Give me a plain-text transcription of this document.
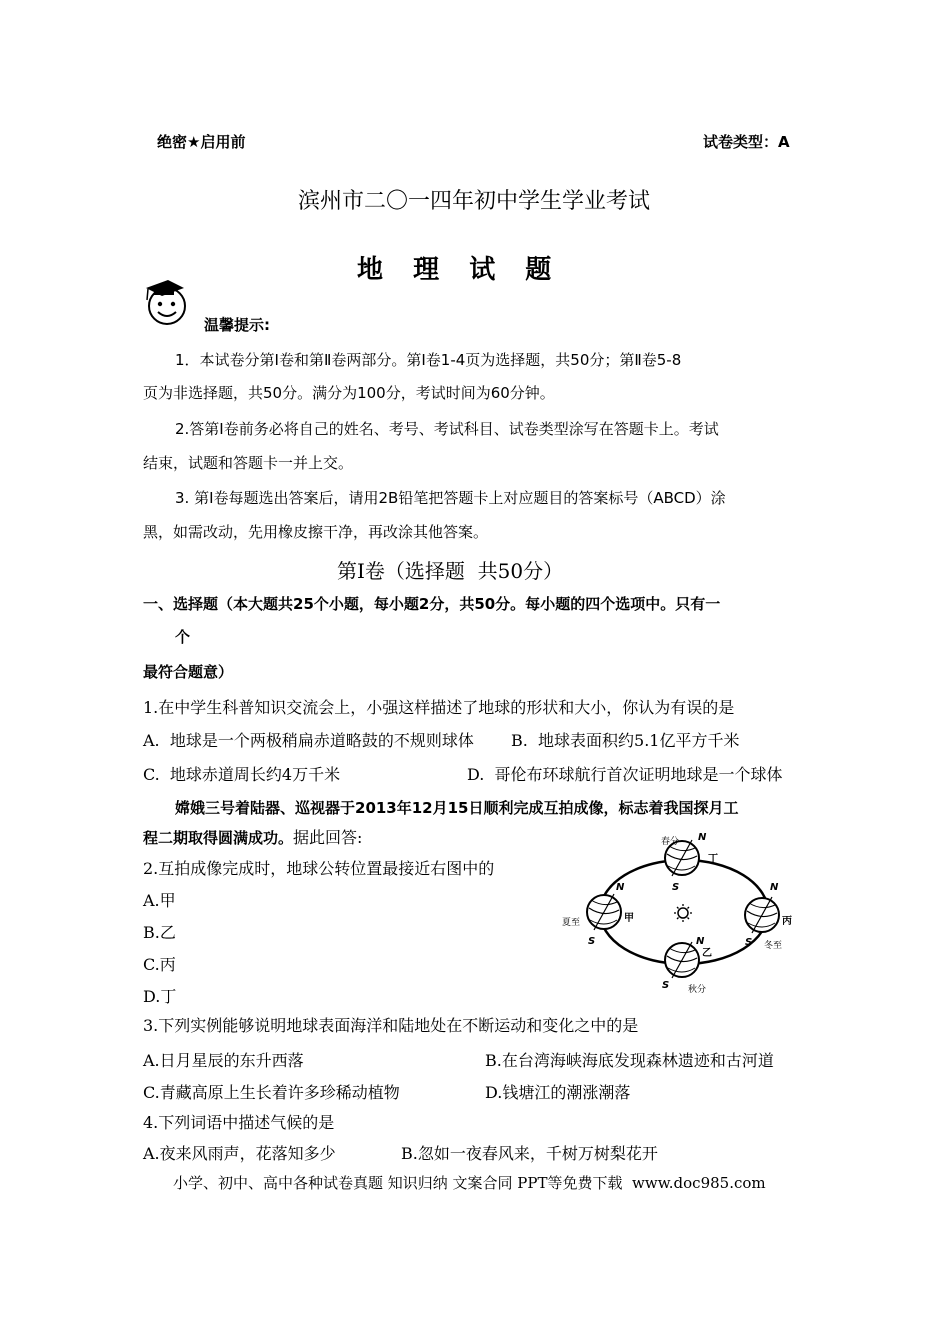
绝密★启用前	试卷类型：A
滨州市二〇一四年初中学生学业考试
地  理  试  题
温馨提示:
1．本试卷分第Ⅰ卷和第Ⅱ卷两部分。第Ⅰ卷1-4页为选择题，共50分；第Ⅱ卷5-8
页为非选择题，共50分。满分为100分，考试时间为60分钟。
2.答第Ⅰ卷前务必将自己的姓名、考号、考试科目、试卷类型涂写在答题卡上。考试
结束，试题和答题卡一并上交。
3. 第Ⅰ卷每题选出答案后，请用2B铅笔把答题卡上对应题目的答案标号（ABCD）涂
黑，如需改动，先用橡皮擦干净，再改涂其他答案。
第Ⅰ卷（选择题  共50分）
一、选择题（本大题共25个小题，每小题2分，共50分。每小题的四个选项中。只有一
个
最符合题意）
1.在中学生科普知识交流会上，小强这样描述了地球的形状和大小，你认为有误的是
A.  地球是一个两极稍扁赤道略鼓的不规则球体 B.  地球表面积约5.1亿平方千米
C.  地球赤道周长约4万千米	D.  哥伦布环球航行首次证明地球是一个球体
嫦娥三号着陆器、巡视器于2013年12月15日顺利完成互拍成像，标志着我国探月工
程二期取得圆满成功。据此回答:
2.互拍成像完成时，地球公转位置最接近右图中的
A.甲
B.乙
C.丙
D.丁
春分 N
S
丁
夏至
N
S
甲
N
S
丙
冬至
N
乙
S 秋分
3.下列实例能够说明地球表面海洋和陆地处在不断运动和变化之中的是
A.日月星辰的东升西落	B.在台湾海峡海底发现森林遗迹和古河道
C.青藏高原上生长着许多珍稀动植物	D.钱塘江的潮涨潮落
4.下列词语中描述气候的是
A.夜来风雨声，花落知多少	B.忽如一夜春风来，千树万树梨花开
小学、初中、高中各种试卷真题 知识归纳 文案合同 PPT等免费下载  www.doc985.com
